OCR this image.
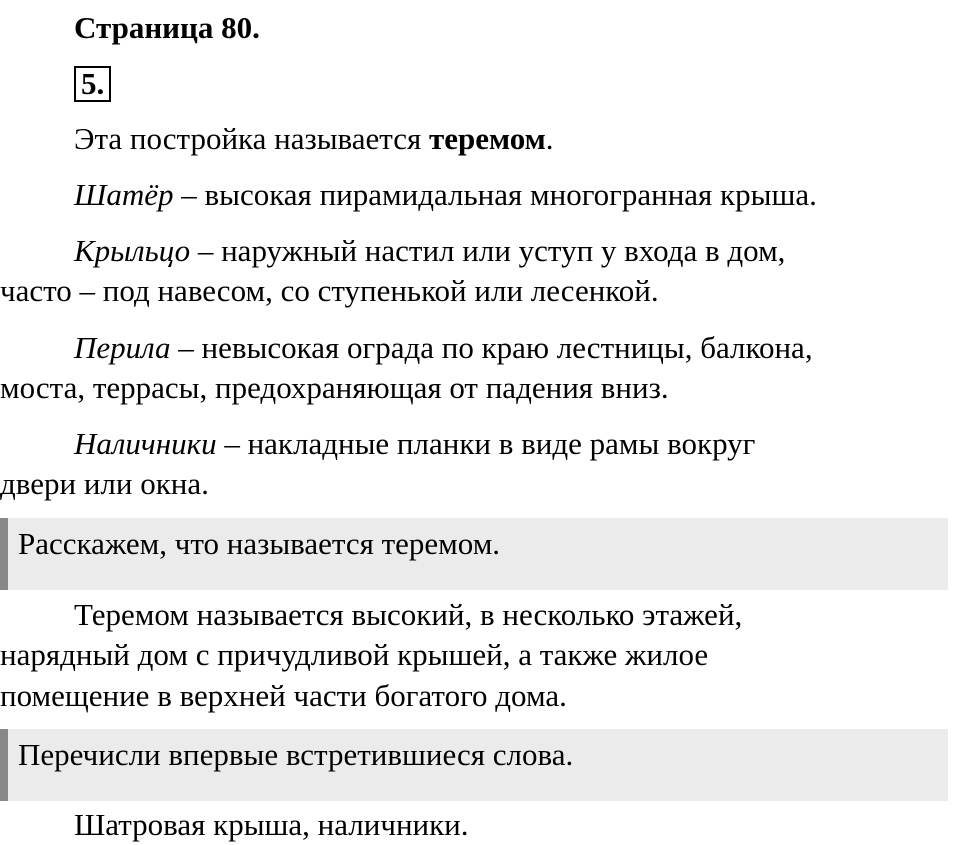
Страница 80.
5.

Эта постройка называется теремом.

Шатёр – высокая пирамидальная многогранная крыша.

Крыльцо – наружный настил или уступ у входа в дом,
часто – под навесом, со ступенькой или лесенкой.

Перила – невысокая ограда по краю лестницы, балкона,
моста, террасы, предохраняющая от падения вниз.

Наличники – накладные планки в виде рамы вокруг
двери или окна.

Расскажем, что называется теремом.

Теремом называется высокий, в несколько этажей,
нарядный дом с причудливой крышей, а также жилое
помещение в верхней части богатого дома.

Перечисли впервые встретившиеся слова.

Шатровая крыша, наличники.
